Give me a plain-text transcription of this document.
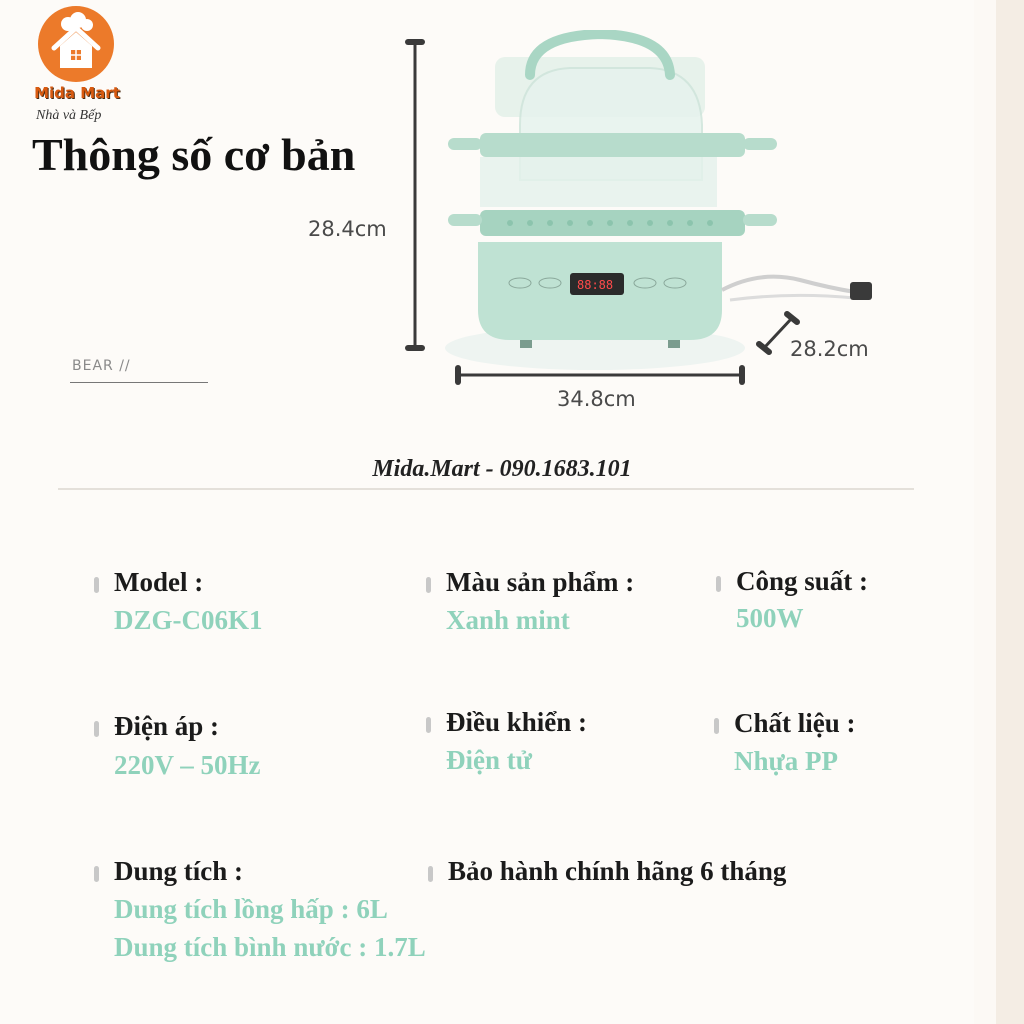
Mida Mart
Nhà và Bếp
Thông số cơ bản
88:88
28.4cm
28.2cm
34.8cm
BEAR //
Mida.Mart - 090.1683.101
Model :
DZG-C06K1
Màu sản phẩm :
Xanh mint
Công suất :
500W
Điện áp :
220V – 50Hz
Điều khiển :
Điện tử
Chất liệu :
Nhựa PP
Dung tích :
Dung tích lồng hấp : 6L
Dung tích bình nước : 1.7L
Bảo hành chính hãng 6 tháng
